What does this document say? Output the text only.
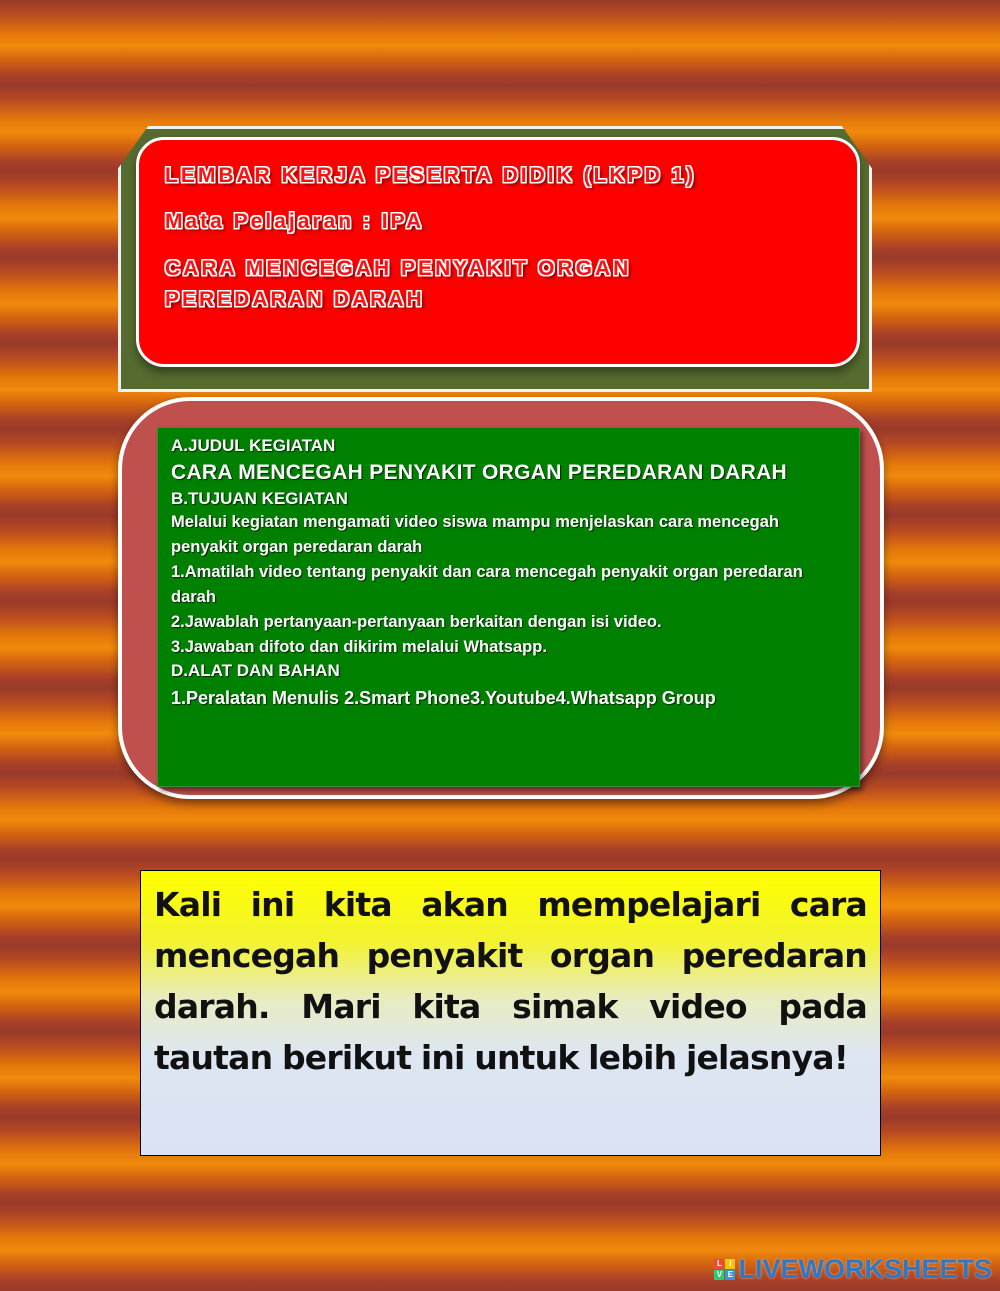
LEMBAR KERJA PESERTA DIDIK (LKPD 1)

Mata Pelajaran : IPA

CARA MENCEGAH PENYAKIT ORGAN PEREDARAN DARAH

A.JUDUL KEGIATAN

CARA MENCEGAH PENYAKIT ORGAN PEREDARAN DARAH

B.TUJUAN KEGIATAN

Melalui kegiatan mengamati video siswa mampu menjelaskan cara mencegah penyakit organ peredaran darah

1.Amatilah video tentang penyakit dan cara mencegah penyakit organ peredaran darah

2.Jawablah pertanyaan-pertanyaan berkaitan dengan isi video.

3.Jawaban difoto dan dikirim melalui Whatsapp.

D.ALAT DAN BAHAN

1.Peralatan Menulis 2.Smart Phone3.Youtube4.Whatsapp Group

Kali ini kita akan mempelajari cara mencegah penyakit organ peredaran darah. Mari kita simak video pada tautan berikut ini untuk lebih jelasnya!

L I
V E LIVEWORKSHEETS
